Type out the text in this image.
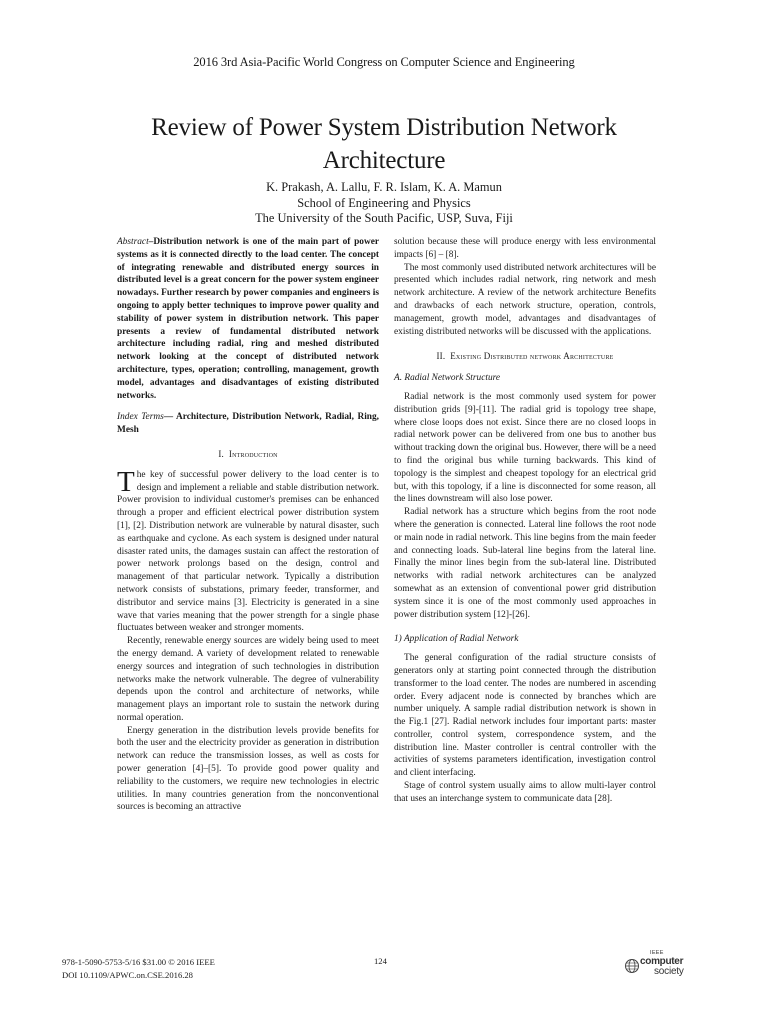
2016 3rd Asia-Pacific World Congress on Computer Science and Engineering
Review of Power System Distribution Network Architecture
K. Prakash, A. Lallu, F. R. Islam, K. A. Mamun
School of Engineering and Physics
The University of the South Pacific, USP, Suva, Fiji

Abstract–Distribution network is one of the main part of power systems as it is connected directly to the load center. The concept of integrating renewable and distributed energy sources in distributed level is a great concern for the power system engineer nowadays. Further research by power companies and engineers is ongoing to apply better techniques to improve power quality and stability of power system in distribution network. This paper presents a review of fundamental distributed network architecture including radial, ring and meshed distributed network looking at the concept of distributed network architecture, types, operation; controlling, management, growth model, advantages and disadvantages of existing distributed networks.

Index Terms— Architecture, Distribution Network, Radial, Ring, Mesh

I. Introduction

The key of successful power delivery to the load center is to design and implement a reliable and stable distribution network. Power provision to individual customer's premises can be enhanced through a proper and efficient electrical power distribution system [1], [2]. Distribution network are vulnerable by natural disaster, such as earthquake and cyclone. As each system is designed under natural disaster rated units, the damages sustain can affect the restoration of power network prolongs based on the design, control and management of that particular network. Typically a distribution network consists of substations, primary feeder, transformer, and distributor and service mains [3]. Electricity is generated in a sine wave that varies meaning that the power strength for a single phase fluctuates between weaker and stronger moments.

Recently, renewable energy sources are widely being used to meet the energy demand. A variety of development related to renewable energy sources and integration of such technologies in distribution networks make the network vulnerable. The degree of vulnerability depends upon the control and architecture of networks, while management plays an important role to sustain the network during normal operation.

Energy generation in the distribution levels provide benefits for both the user and the electricity provider as generation in distribution network can reduce the transmission losses, as well as costs for power generation [4]–[5]. To provide good power quality and reliability to the customers, we require new technologies in electric utilities. In many countries generation from the nonconventional sources is becoming an attractive

solution because these will produce energy with less environmental impacts [6] – [8].

The most commonly used distributed network architectures will be presented which includes radial network, ring network and mesh network architecture. A review of the network architecture Benefits and drawbacks of each network structure, operation, controls, management, growth model, advantages and disadvantages of existing distributed networks will be discussed with the applications.

II. Existing Distributed network Architecture
A. Radial Network Structure

Radial network is the most commonly used system for power distribution grids [9]-[11]. The radial grid is topology tree shape, where close loops does not exist. Since there are no closed loops in radial network power can be delivered from one bus to another bus without tracking down the original bus. However, there will be a need to find the original bus while turning backwards. This kind of topology is the simplest and cheapest topology for an electrical grid but, with this topology, if a line is disconnected for some reason, all the lines downstream will also lose power.

Radial network has a structure which begins from the root node where the generation is connected. Lateral line follows the root node or main node in radial network. This line begins from the main feeder and connecting loads. Sub-lateral line begins from the lateral line. Finally the minor lines begin from the sub-lateral line. Distributed networks with radial network architectures can be analyzed somewhat as an extension of conventional power grid distribution system since it is one of the most commonly used approaches in power distribution system [12]-[26].

1) Application of Radial Network

The general configuration of the radial structure consists of generators only at starting point connected through the distribution transformer to the load center. The nodes are numbered in ascending order. Every adjacent node is connected by branches which are number uniquely. A sample radial distribution network is shown in the Fig.1 [27]. Radial network includes four important parts: master controller, control system, correspondence system, and the distribution line. Master controller is central controller with the activities of systems parameters identification, investigation control and client interfacing.

Stage of control system usually aims to allow multi-layer control that uses an interchange system to communicate data [28].

978-1-5090-5753-5/16 $31.00 © 2016 IEEE
DOI 10.1109/APWC.on.CSE.2016.28
124
IEEE
computer
society
